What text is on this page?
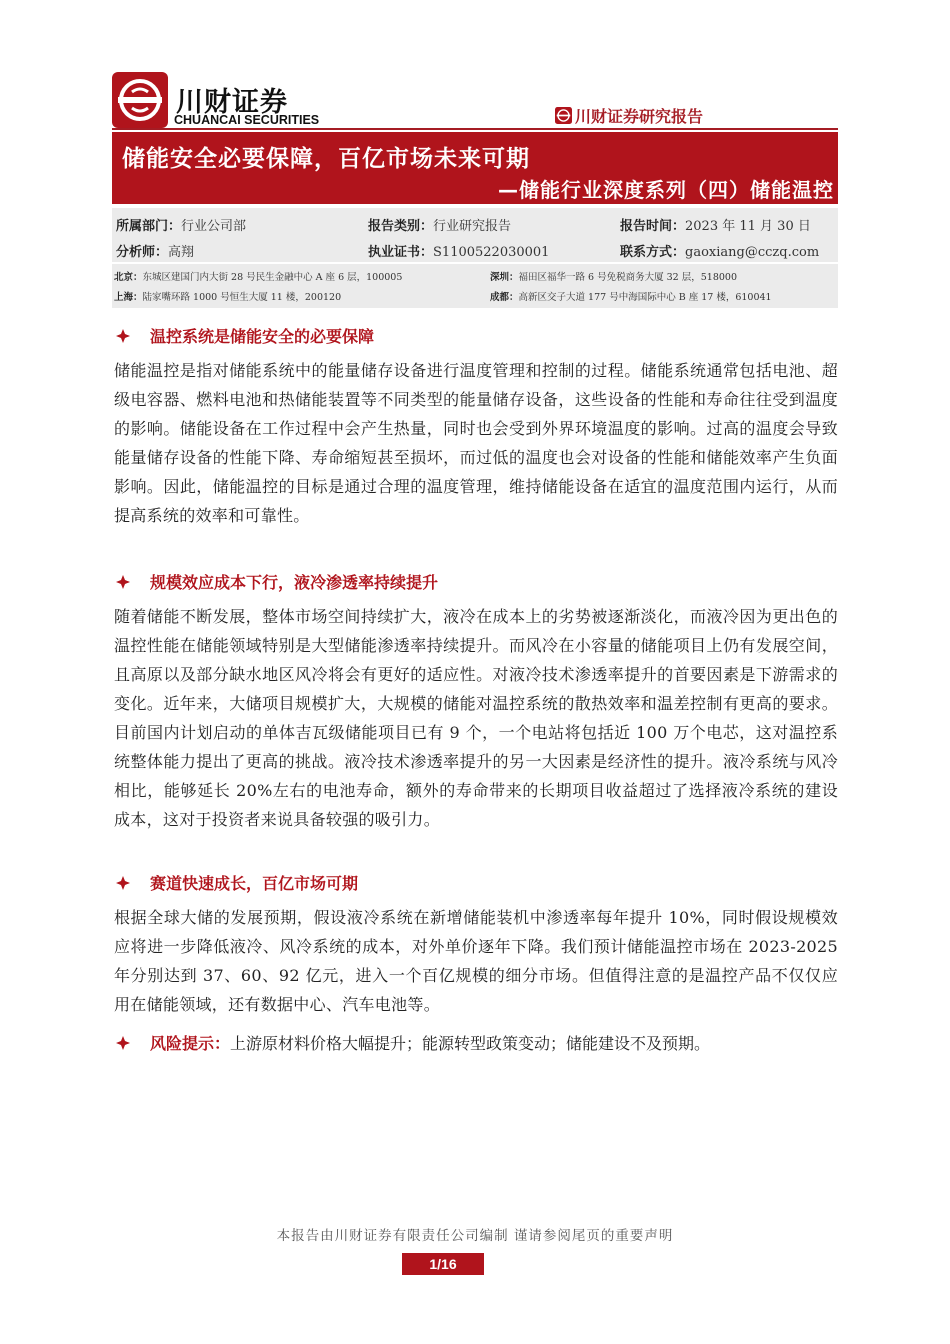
川财证券
CHUANCAI SECURITIES	川财证券研究报告
储能安全必要保障，百亿市场未来可期
—储能行业深度系列（四）储能温控
所属部门：行业公司部	报告类别：行业研究报告	报告时间：2023 年 11 月 30 日
分析师：高翔	执业证书：S1100522030001	联系方式：gaoxiang@cczq.com
北京：东城区建国门内大街 28 号民生金融中心 A 座 6 层，100005	深圳：福田区福华一路 6 号免税商务大厦 32 层，518000
上海：陆家嘴环路 1000 号恒生大厦 11 楼，200120	成都：高新区交子大道 177 号中海国际中心 B 座 17 楼，610041
温控系统是储能安全的必要保障
储能温控是指对储能系统中的能量储存设备进行温度管理和控制的过程。储能系统通常包括电池、超级电容器、燃料电池和热储能装置等不同类型的能量储存设备，这些设备的性能和寿命往往受到温度的影响。储能设备在工作过程中会产生热量，同时也会受到外界环境温度的影响。过高的温度会导致能量储存设备的性能下降、寿命缩短甚至损坏，而过低的温度也会对设备的性能和储能效率产生负面影响。因此，储能温控的目标是通过合理的温度管理，维持储能设备在适宜的温度范围内运行，从而提高系统的效率和可靠性。
规模效应成本下行，液冷渗透率持续提升
随着储能不断发展，整体市场空间持续扩大，液冷在成本上的劣势被逐渐淡化，而液冷因为更出色的温控性能在储能领域特别是大型储能渗透率持续提升。而风冷在小容量的储能项目上仍有发展空间，且高原以及部分缺水地区风冷将会有更好的适应性。对液冷技术渗透率提升的首要因素是下游需求的变化。近年来，大储项目规模扩大，大规模的储能对温控系统的散热效率和温差控制有更高的要求。目前国内计划启动的单体吉瓦级储能项目已有 9 个，一个电站将包括近 100 万个电芯，这对温控系统整体能力提出了更高的挑战。液冷技术渗透率提升的另一大因素是经济性的提升。液冷系统与风冷相比，能够延长 20%左右的电池寿命，额外的寿命带来的长期项目收益超过了选择液冷系统的建设成本，这对于投资者来说具备较强的吸引力。
赛道快速成长，百亿市场可期
根据全球大储的发展预期，假设液冷系统在新增储能装机中渗透率每年提升 10%，同时假设规模效应将进一步降低液冷、风冷系统的成本，对外单价逐年下降。我们预计储能温控市场在 2023-2025 年分别达到 37、60、92 亿元，进入一个百亿规模的细分市场。但值得注意的是温控产品不仅仅应用在储能领域，还有数据中心、汽车电池等。
风险提示： 上游原材料价格大幅提升；能源转型政策变动；储能建设不及预期。
本报告由川财证券有限责任公司编制 谨请参阅尾页的重要声明
1/16
